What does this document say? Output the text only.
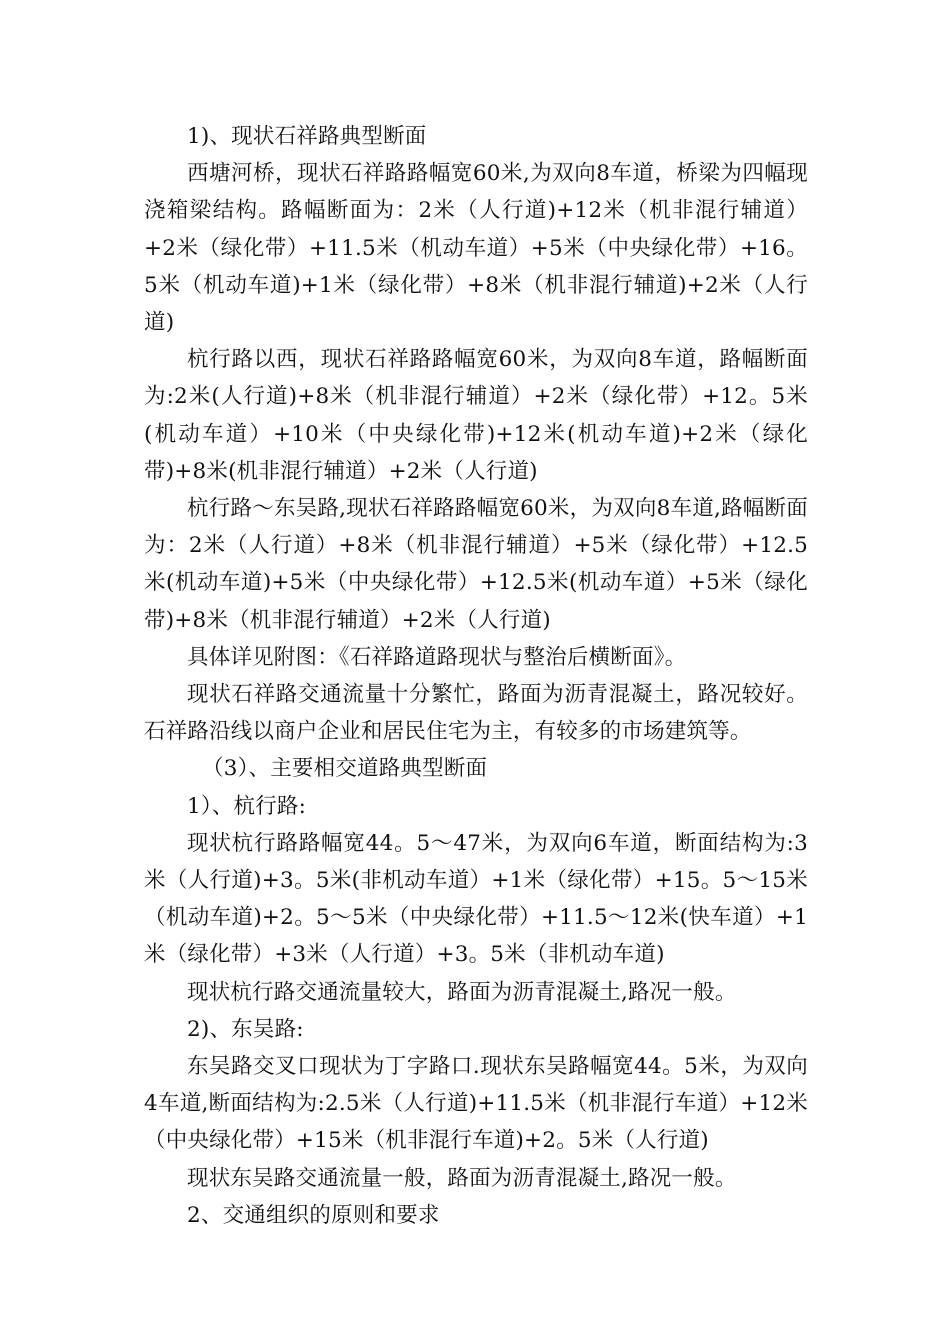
1)、现状石祥路典型断面

西塘河桥，现状石祥路路幅宽60米,为双向8车道，桥梁为四幅现浇箱梁结构。路幅断面为：2米（人行道)+12米（机非混行辅道）+2米（绿化带）+11.5米（机动车道）+5米（中央绿化带）+16。5米（机动车道)+1米（绿化带）+8米（机非混行辅道)+2米（人行道)

杭行路以西，现状石祥路路幅宽60米，为双向8车道，路幅断面为:2米(人行道)+8米（机非混行辅道）+2米（绿化带）+12。5米(机动车道）+10米（中央绿化带)+12米(机动车道)+2米（绿化带)+8米(机非混行辅道）+2米（人行道)

杭行路～东吴路,现状石祥路路幅宽60米，为双向8车道,路幅断面为：2米（人行道）+8米（机非混行辅道）+5米（绿化带）+12.5米(机动车道)+5米（中央绿化带）+12.5米(机动车道）+5米（绿化带)+8米（机非混行辅道）+2米（人行道)

具体详见附图：《石祥路道路现状与整治后横断面》。

现状石祥路交通流量十分繁忙，路面为沥青混凝土，路况较好。石祥路沿线以商户企业和居民住宅为主，有较多的市场建筑等。

（3）、主要相交道路典型断面

1）、杭行路:

现状杭行路路幅宽44。5～47米，为双向6车道，断面结构为:3米（人行道)+3。5米(非机动车道）+1米（绿化带）+15。5～15米（机动车道)+2。5～5米（中央绿化带）+11.5～12米(快车道）+1米（绿化带）+3米（人行道）+3。5米（非机动车道)

现状杭行路交通流量较大，路面为沥青混凝土,路况一般。

2)、东吴路:

东吴路交叉口现状为丁字路口.现状东吴路幅宽44。5米，为双向4车道,断面结构为:2.5米（人行道)+11.5米（机非混行车道）+12米（中央绿化带）+15米（机非混行车道)+2。5米（人行道)

现状东吴路交通流量一般，路面为沥青混凝土,路况一般。

2、交通组织的原则和要求
